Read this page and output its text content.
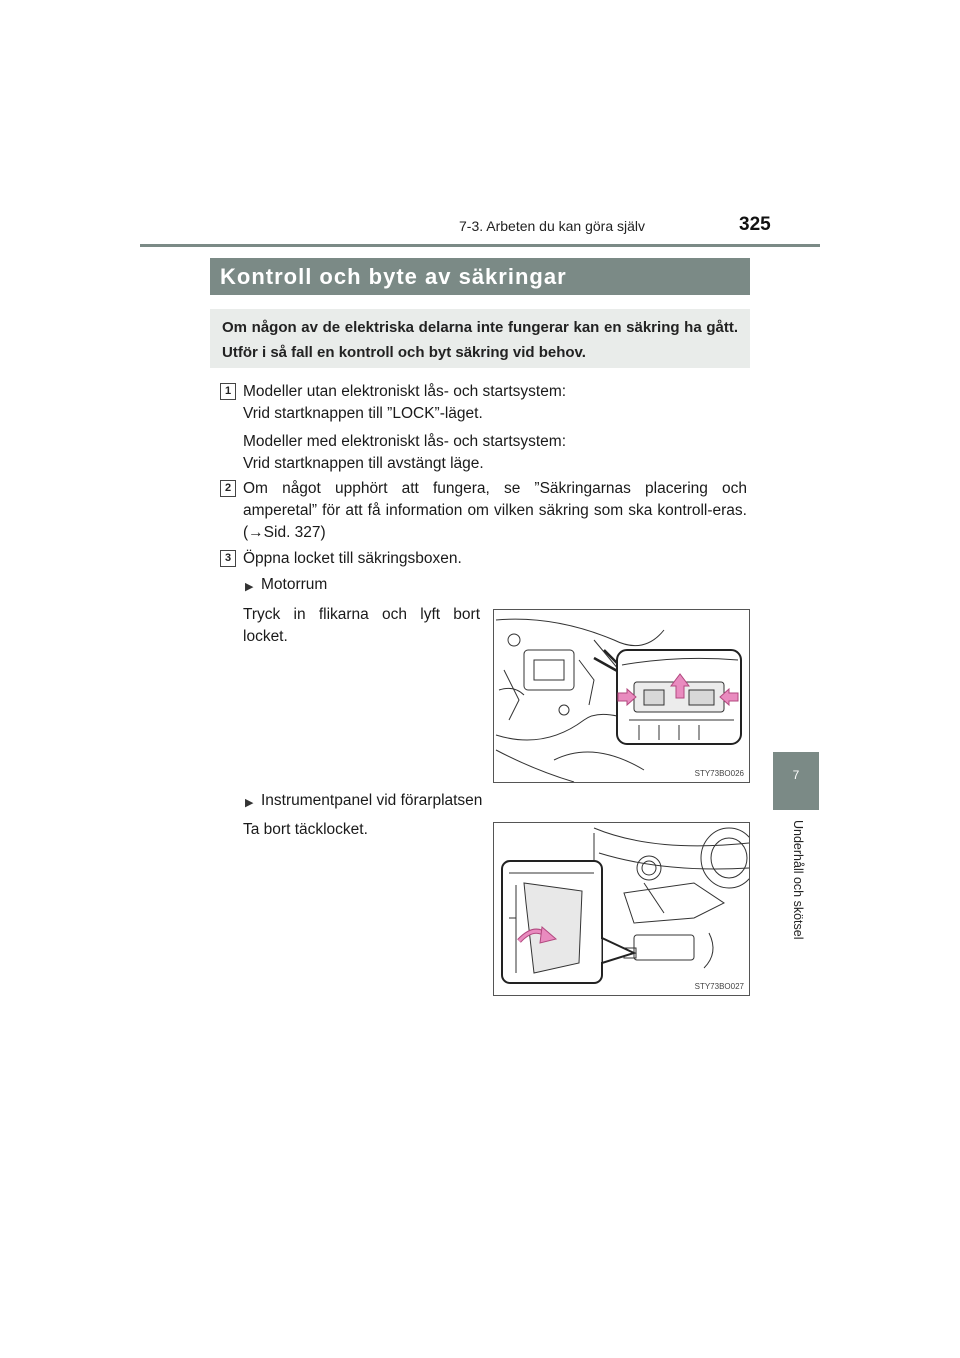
7-3. Arbeten du kan göra själv	325
7
Underhåll och skötsel
Kontroll och byte av säkringar
Om någon av de elektriska delarna inte fungerar kan en säkring ha gått. Utför i så fall en kontroll och byt säkring vid behov.
1 Modeller utan elektroniskt lås- och startsystem:
Vrid startknappen till ”LOCK”-läget.
Modeller med elektroniskt lås- och startsystem:
Vrid startknappen till avstängt läge.
2 Om något upphört att fungera, se ”Säkringarnas placering och amperetal” för att få information om vilken säkring som ska kontroll-eras. (→Sid. 327)
3 Öppna locket till säkringsboxen.
▶ Motorrum
Tryck in flikarna och lyft bort locket.
STY73BO026
▶ Instrumentpanel vid förarplatsen
Ta bort täcklocket.
STY73BO027
